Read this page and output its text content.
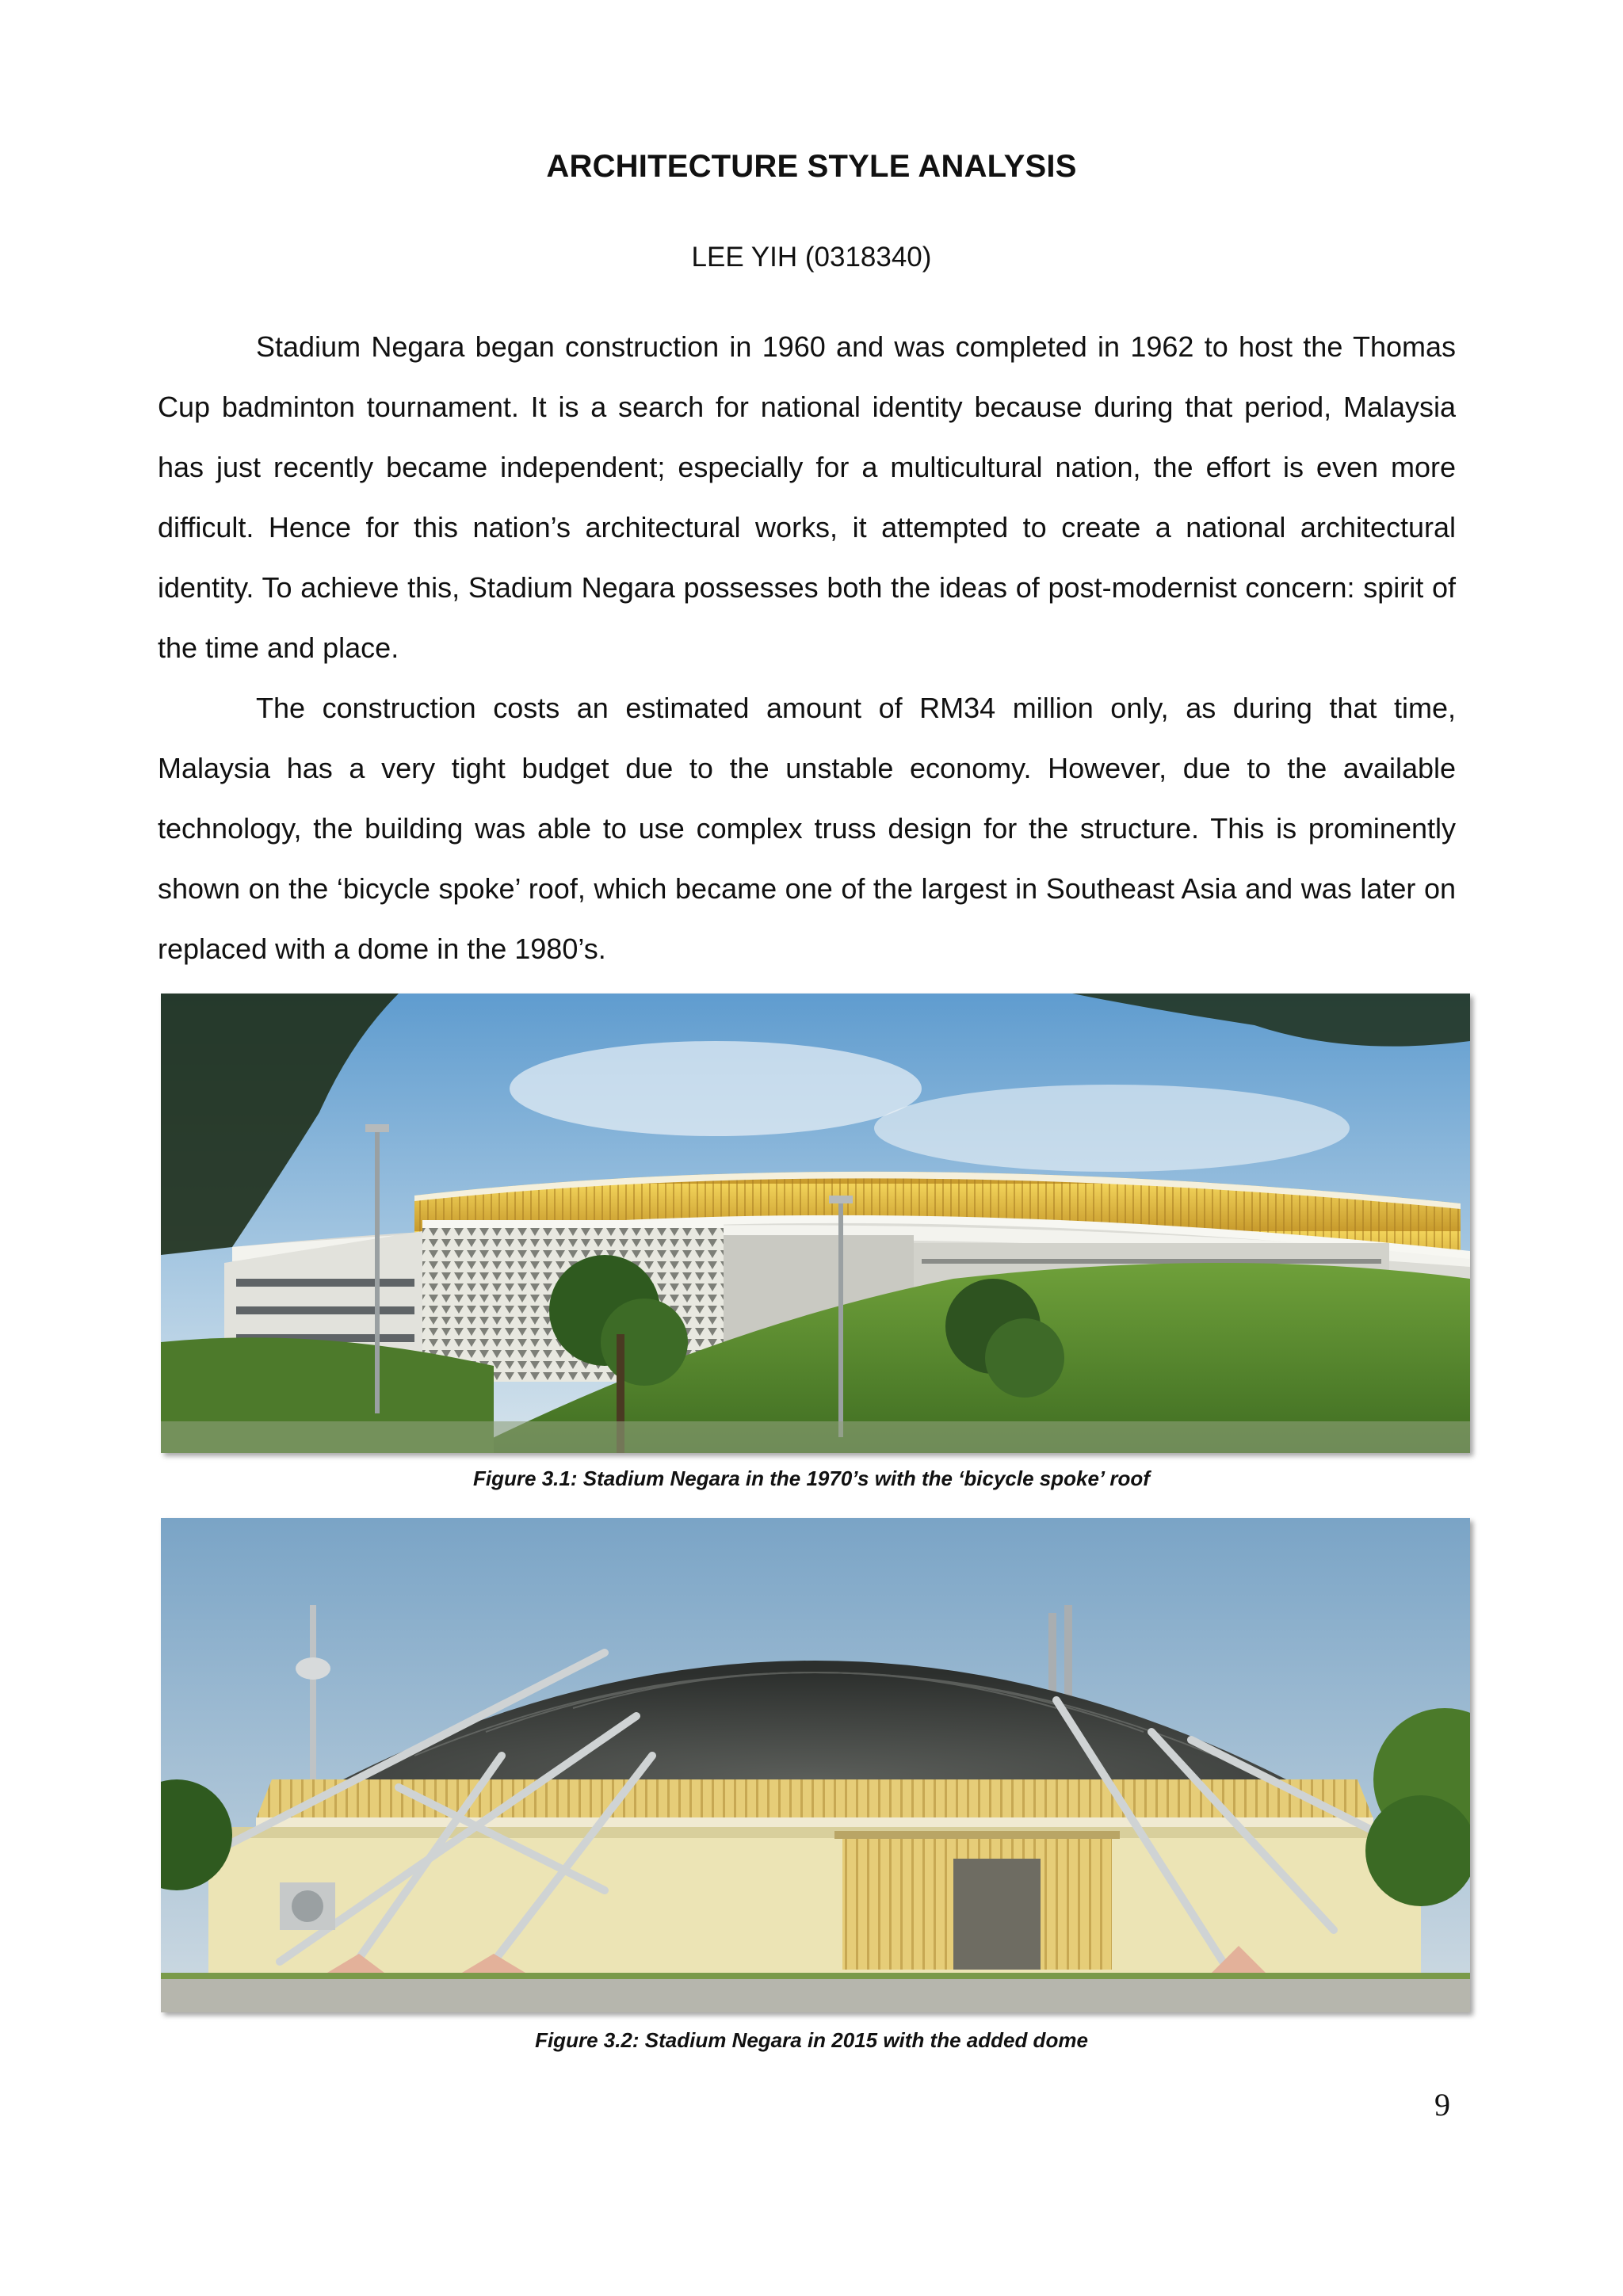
ARCHITECTURE STYLE ANALYSIS
LEE YIH (0318340)

Stadium Negara began construction in 1960 and was completed in 1962 to host the Thomas Cup badminton tournament. It is a search for national identity because during that period, Malaysia has just recently became independent; especially for a multicultural nation, the effort is even more difficult. Hence for this nation’s architectural works, it attempted to create a national architectural identity. To achieve this, Stadium Negara possesses both the ideas of post-modernist concern: spirit of the time and place.

The construction costs an estimated amount of RM34 million only, as during that time, Malaysia has a very tight budget due to the unstable economy. However, due to the available technology, the building was able to use complex truss design for the structure. This is prominently shown on the ‘bicycle spoke’ roof, which became one of the largest in Southeast Asia and was later on replaced with a dome in the 1980’s.

Figure 3.1: Stadium Negara in the 1970’s with the ‘bicycle spoke’ roof
Figure 3.2: Stadium Negara in 2015 with the added dome
9
